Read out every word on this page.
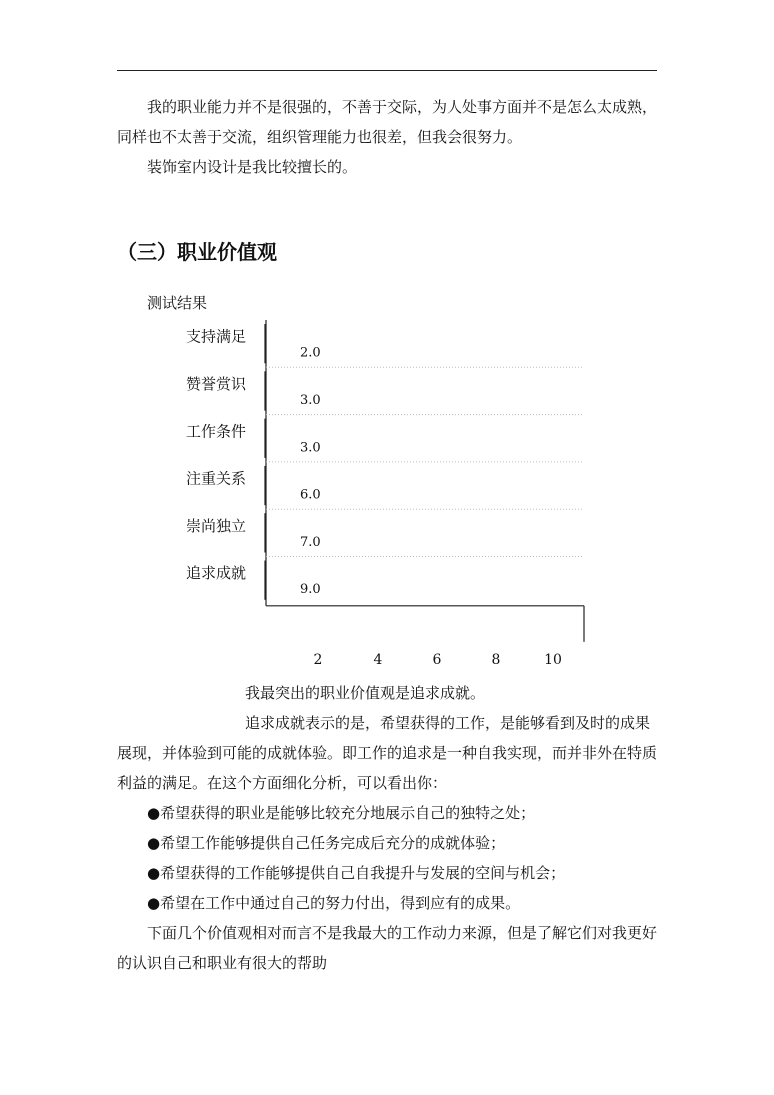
我的职业能力并不是很强的，不善于交际，为人处事方面并不是怎么太成熟，同样也不太善于交流，组织管理能力也很差，但我会很努力。

装饰室内设计是我比较擅长的。

（三）职业价值观
测试结果
支持满足
2.0
赞誉赏识
3.0
工作条件
3.0
注重关系
6.0
崇尚独立
7.0
追求成就
9.0
2	4	6	8	10

我最突出的职业价值观是追求成就。

追求成就表示的是，希望获得的工作，是能够看到及时的成果展现，并体验到可能的成就体验。即工作的追求是一种自我实现，而并非外在特质利益的满足。在这个方面细化分析，可以看出你：

●希望获得的职业是能够比较充分地展示自己的独特之处；

●希望工作能够提供自己任务完成后充分的成就体验；

●希望获得的工作能够提供自己自我提升与发展的空间与机会；

●希望在工作中通过自己的努力付出，得到应有的成果。

下面几个价值观相对而言不是我最大的工作动力来源，但是了解它们对我更好的认识自己和职业有很大的帮助
